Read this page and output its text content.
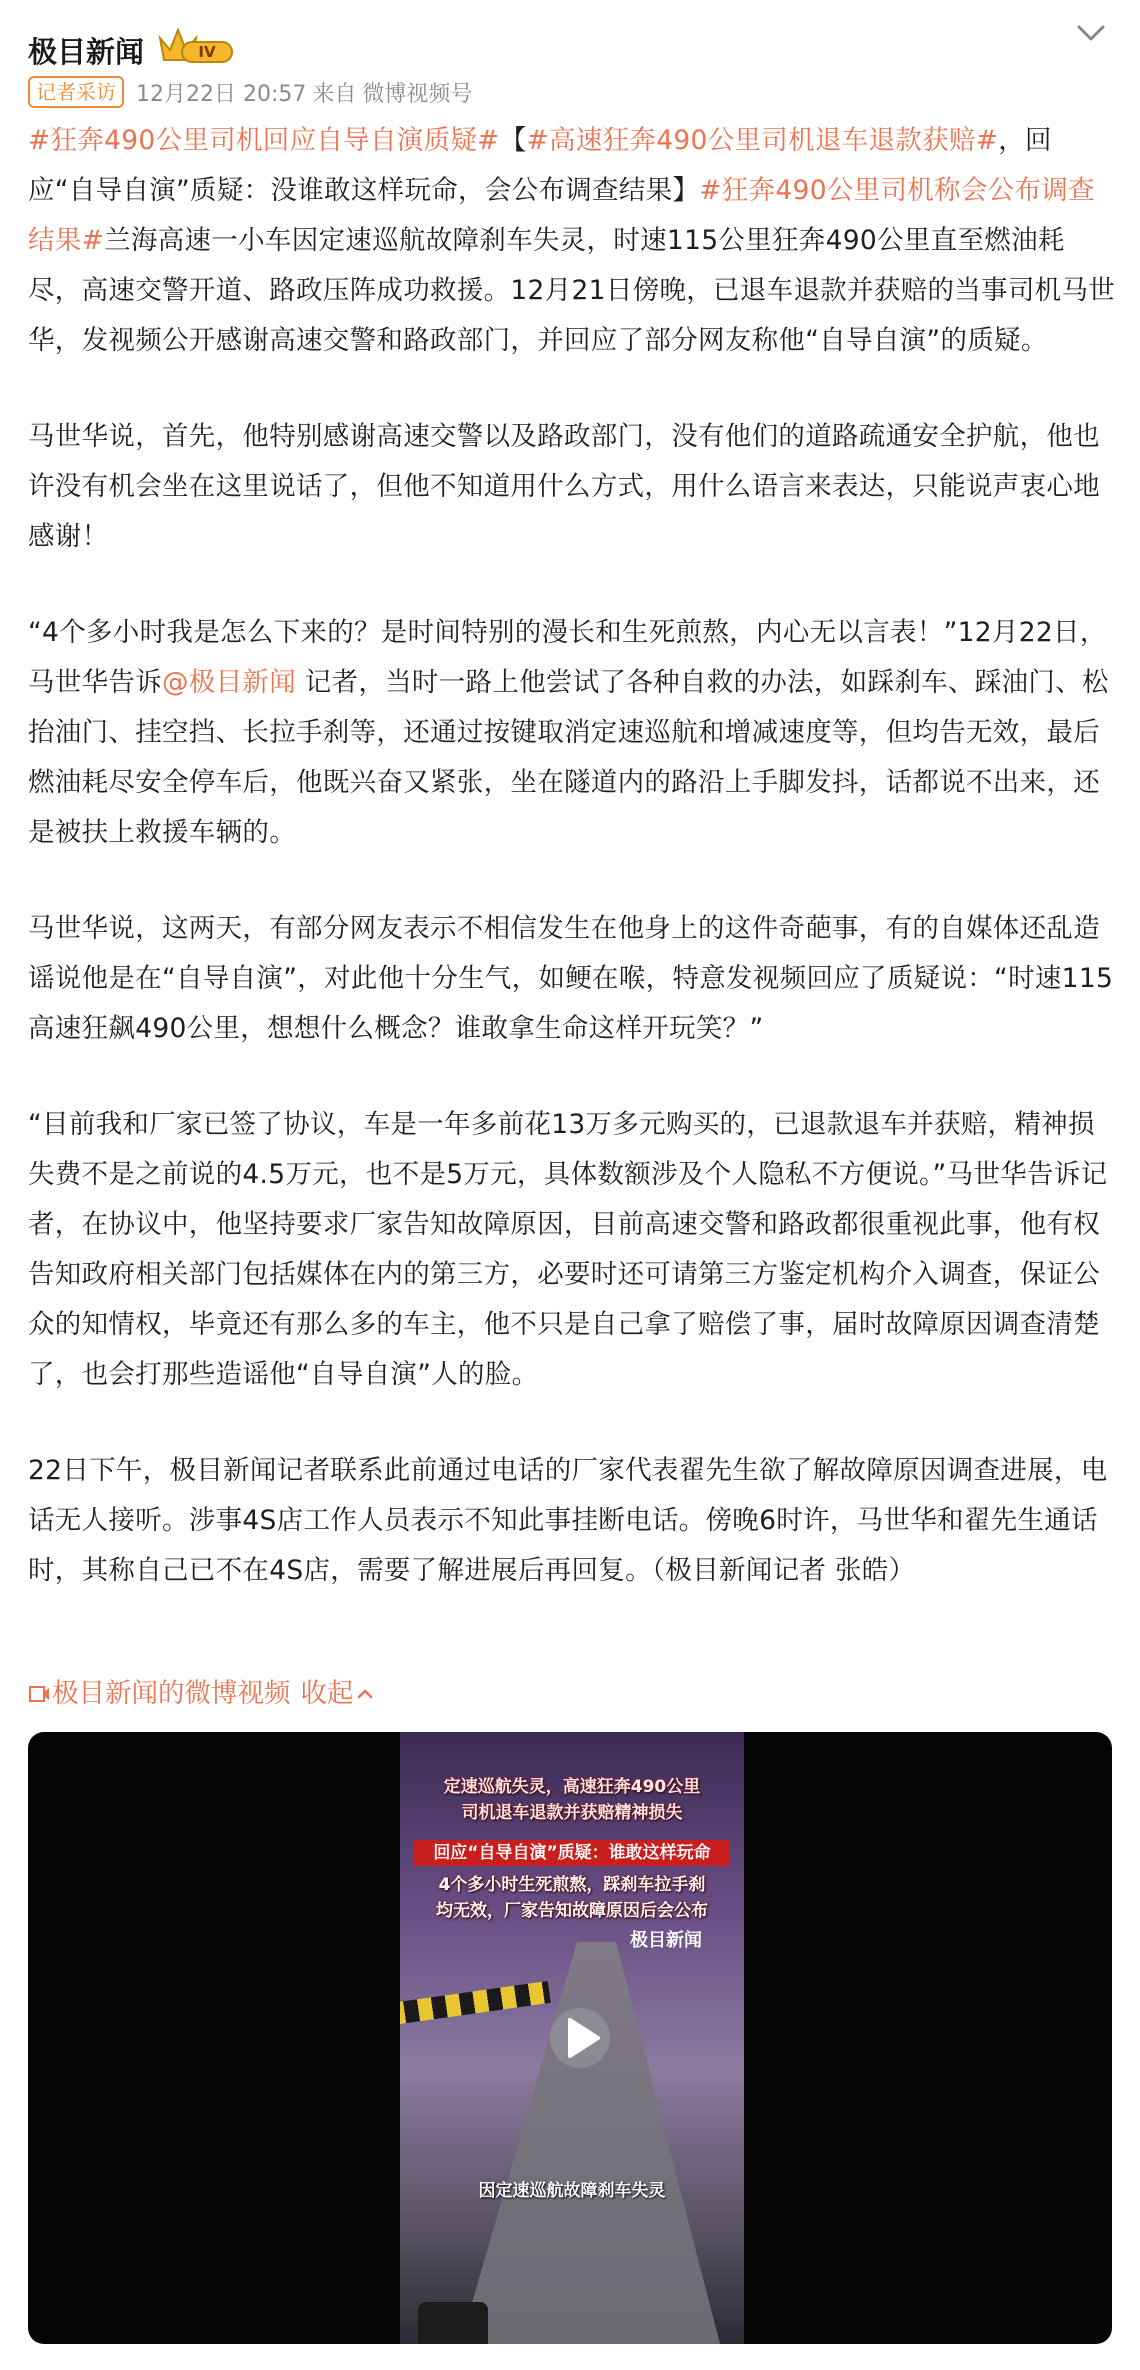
极目新闻	IV
记者采访 12月22日 20:57 来自 微博视频号

#狂奔490公里司机回应自导自演质疑#【#高速狂奔490公里司机退车退款获赔#，回应“自导自演”质疑：没谁敢这样玩命，会公布调查结果】#狂奔490公里司机称会公布调查结果#兰海高速一小车因定速巡航故障刹车失灵，时速115公里狂奔490公里直至燃油耗尽，高速交警开道、路政压阵成功救援。12月21日傍晚，已退车退款并获赔的当事司机马世华，发视频公开感谢高速交警和路政部门，并回应了部分网友称他“自导自演”的质疑。

马世华说，首先，他特别感谢高速交警以及路政部门，没有他们的道路疏通安全护航，他也许没有机会坐在这里说话了，但他不知道用什么方式，用什么语言来表达，只能说声衷心地感谢！

“4个多小时我是怎么下来的？是时间特别的漫长和生死煎熬，内心无以言表！”12月22日，马世华告诉@极目新闻 记者，当时一路上他尝试了各种自救的办法，如踩刹车、踩油门、松抬油门、挂空挡、长拉手刹等，还通过按键取消定速巡航和增减速度等，但均告无效，最后燃油耗尽安全停车后，他既兴奋又紧张，坐在隧道内的路沿上手脚发抖，话都说不出来，还是被扶上救援车辆的。

马世华说，这两天，有部分网友表示不相信发生在他身上的这件奇葩事，有的自媒体还乱造谣说他是在“自导自演”，对此他十分生气，如鲠在喉，特意发视频回应了质疑说：“时速115高速狂飙490公里，想想什么概念？谁敢拿生命这样开玩笑？”

“目前我和厂家已签了协议，车是一年多前花13万多元购买的，已退款退车并获赔，精神损失费不是之前说的4.5万元，也不是5万元，具体数额涉及个人隐私不方便说。”马世华告诉记者，在协议中，他坚持要求厂家告知故障原因，目前高速交警和路政都很重视此事，他有权告知政府相关部门包括媒体在内的第三方，必要时还可请第三方鉴定机构介入调查，保证公众的知情权，毕竟还有那么多的车主，他不只是自己拿了赔偿了事，届时故障原因调查清楚了，也会打那些造谣他“自导自演”人的脸。

22日下午，极目新闻记者联系此前通过电话的厂家代表翟先生欲了解故障原因调查进展，电话无人接听。涉事4S店工作人员表示不知此事挂断电话。傍晚6时许，马世华和翟先生通话时，其称自己已不在4S店，需要了解进展后再回复。（极目新闻记者 张皓）

极目新闻的微博视频 收起
定速巡航失灵，高速狂奔490公里
司机退车退款并获赔精神损失
回应“自导自演”质疑：谁敢这样玩命
4个多小时生死煎熬，踩刹车拉手刹
均无效，厂家告知故障原因后会公布
极目新闻
因定速巡航故障刹车失灵
